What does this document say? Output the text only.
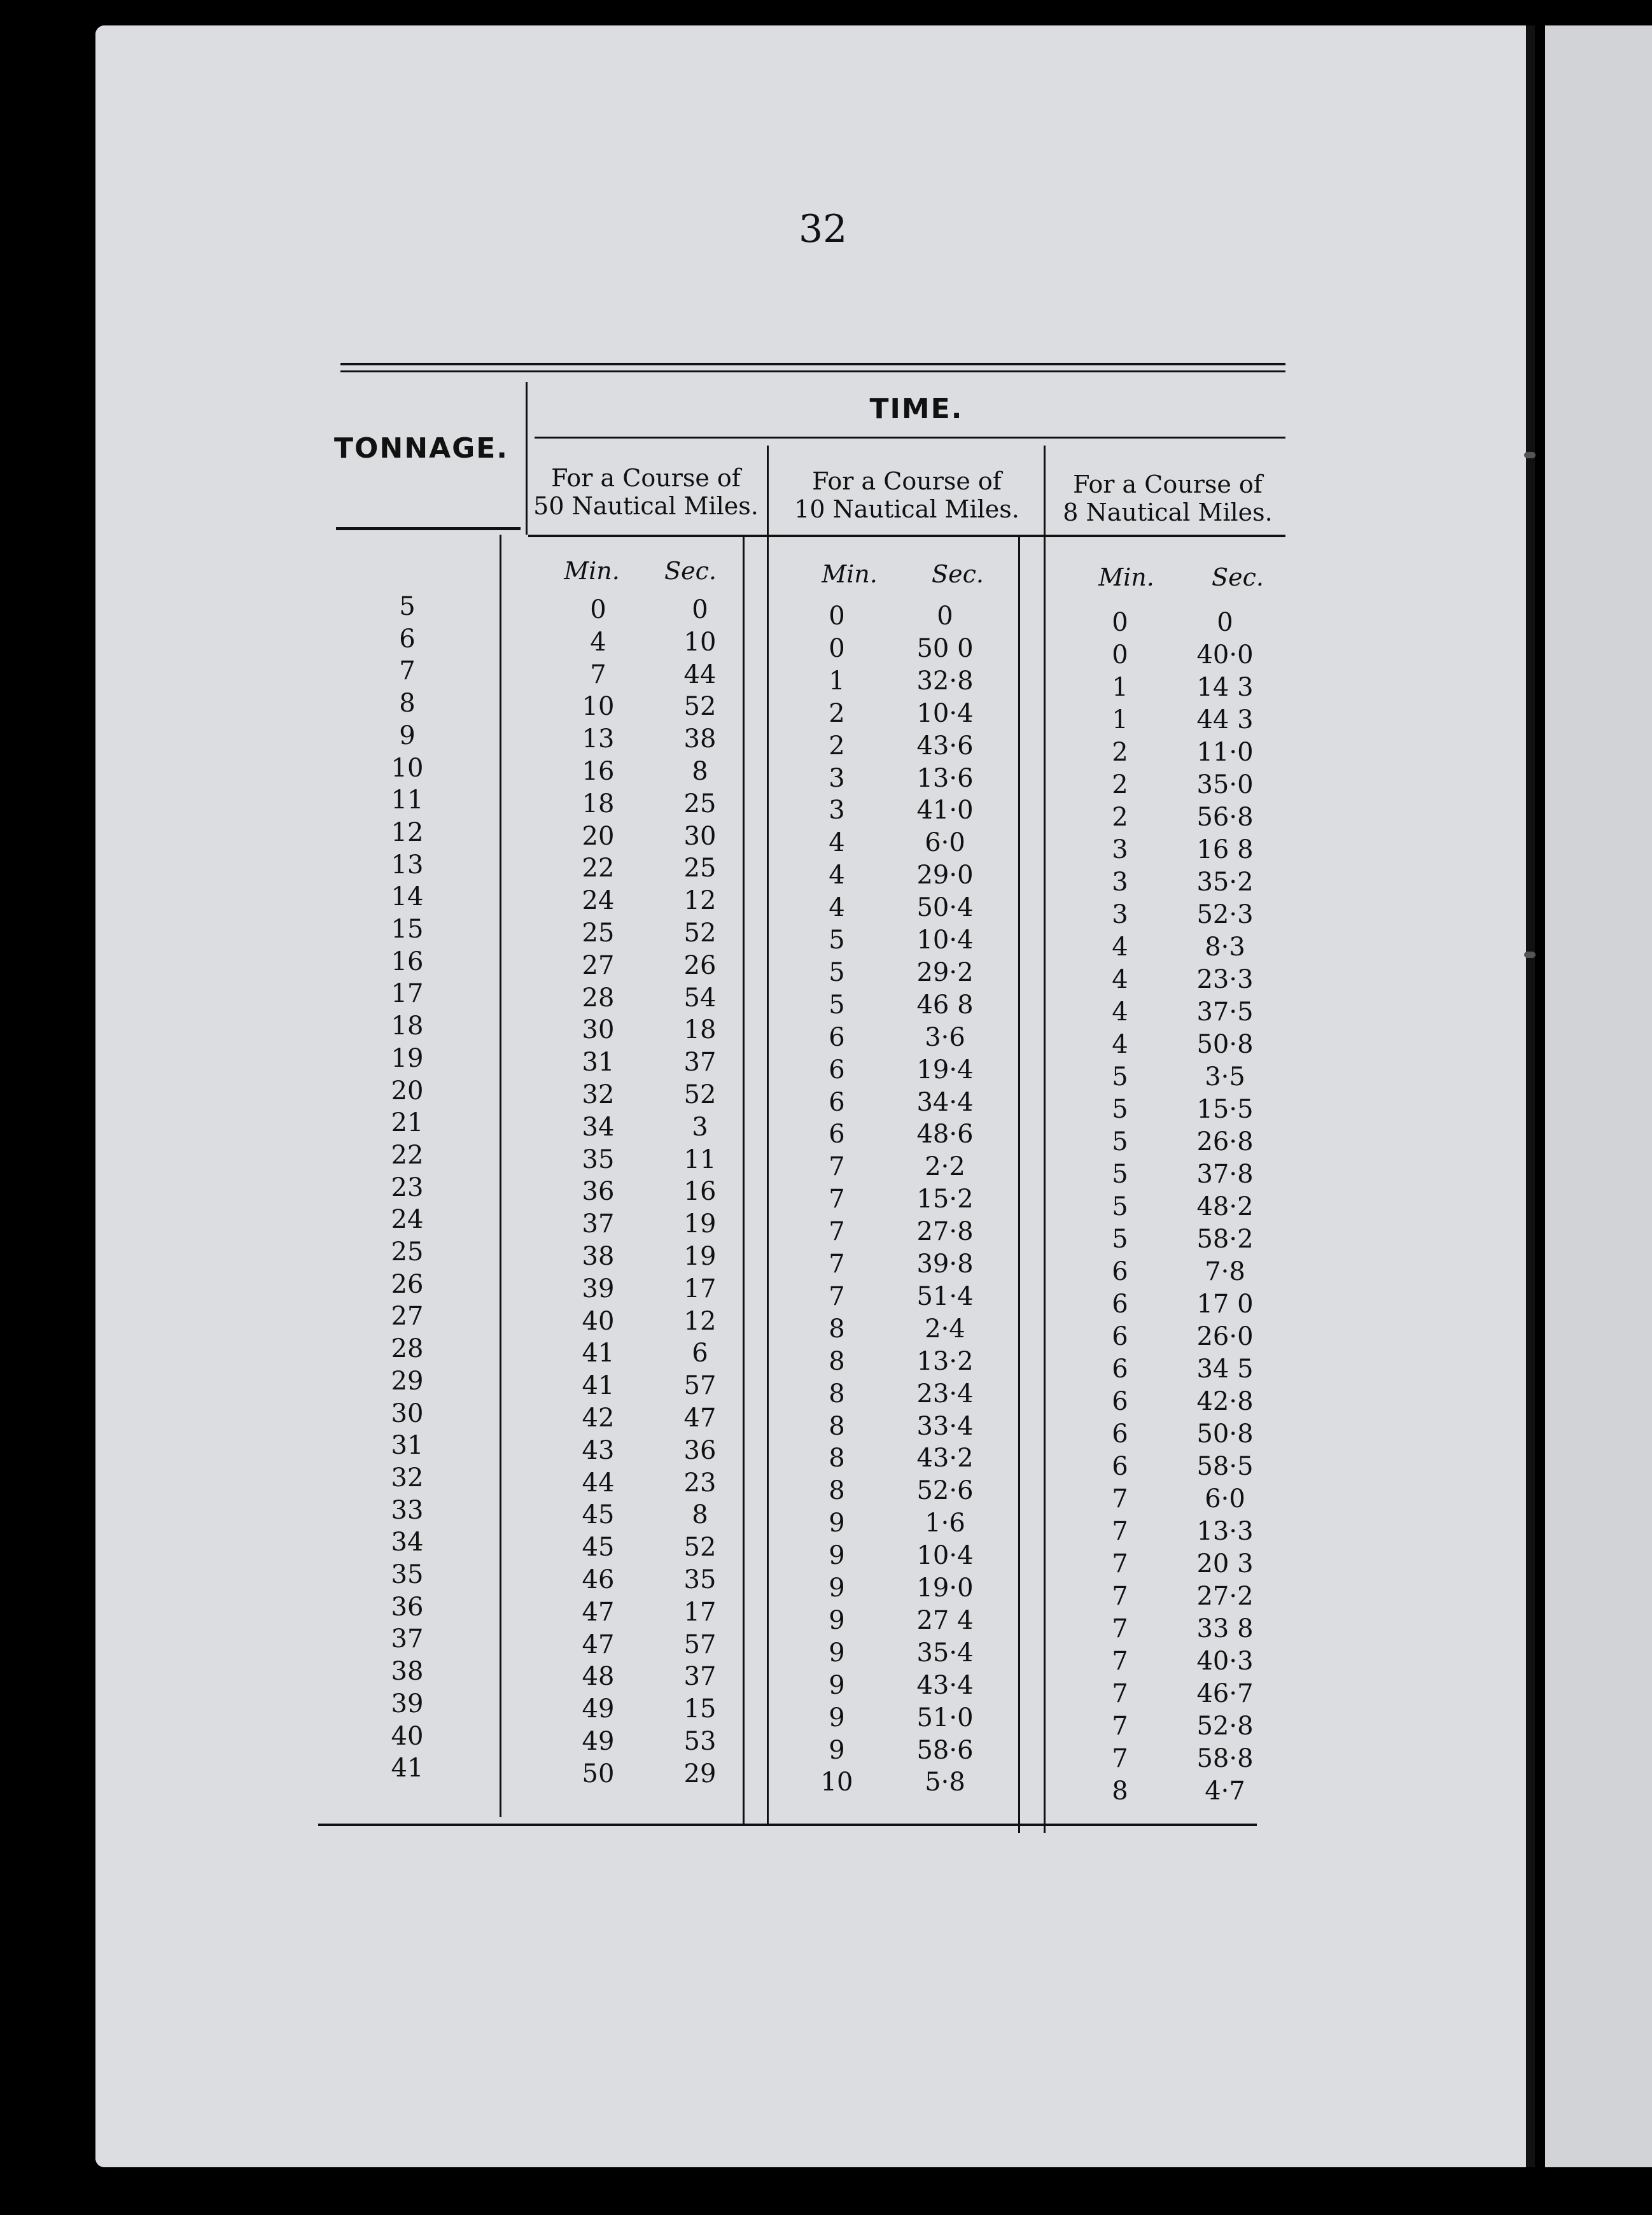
32
TONNAGE.
TIME.
For a Course of
50 Nautical Miles.
For a Course of
10 Nautical Miles.
For a Course of
8 Nautical Miles.
Min.	Sec.	Min.	Sec.	Min.	Sec.
5	0	0	0	0	0	0
6	4	10	0	50 0	0	40·0
7	7	44	1	32·8	1	14 3
8	10	52	2	10·4	1	44 3
9	13	38	2	43·6	2	11·0
10	16	8	3	13·6	2	35·0
11	18	25	3	41·0	2	56·8
12	20	30	4	6·0	3	16 8
13	22	25	4	29·0	3	35·2
14	24	12	4	50·4	3	52·3
15	25	52	5	10·4	4	8·3
16	27	26	5	29·2	4	23·3
17	28	54	5	46 8	4	37·5
18	30	18	6	3·6	4	50·8
19	31	37	6	19·4	5	3·5
20	32	52	6	34·4	5	15·5
21	34	3	6	48·6	5	26·8
22	35	11	7	2·2	5	37·8
23	36	16	7	15·2	5	48·2
24	37	19	7	27·8	5	58·2
25	38	19	7	39·8	6	7·8
26	39	17	7	51·4	6	17 0
27	40	12	8	2·4	6	26·0
28	41	6	8	13·2	6	34 5
29	41	57	8	23·4	6	42·8
30	42	47	8	33·4	6	50·8
31	43	36	8	43·2	6	58·5
32	44	23	8	52·6	7	6·0
33	45	8	9	1·6	7	13·3
34	45	52	9	10·4	7	20 3
35	46	35	9	19·0	7	27·2
36	47	17	9	27 4	7	33 8
37	47	57	9	35·4	7	40·3
38	48	37	9	43·4	7	46·7
39	49	15	9	51·0	7	52·8
40	49	53	9	58·6	7	58·8
41	50	29	10	5·8	8	4·7
